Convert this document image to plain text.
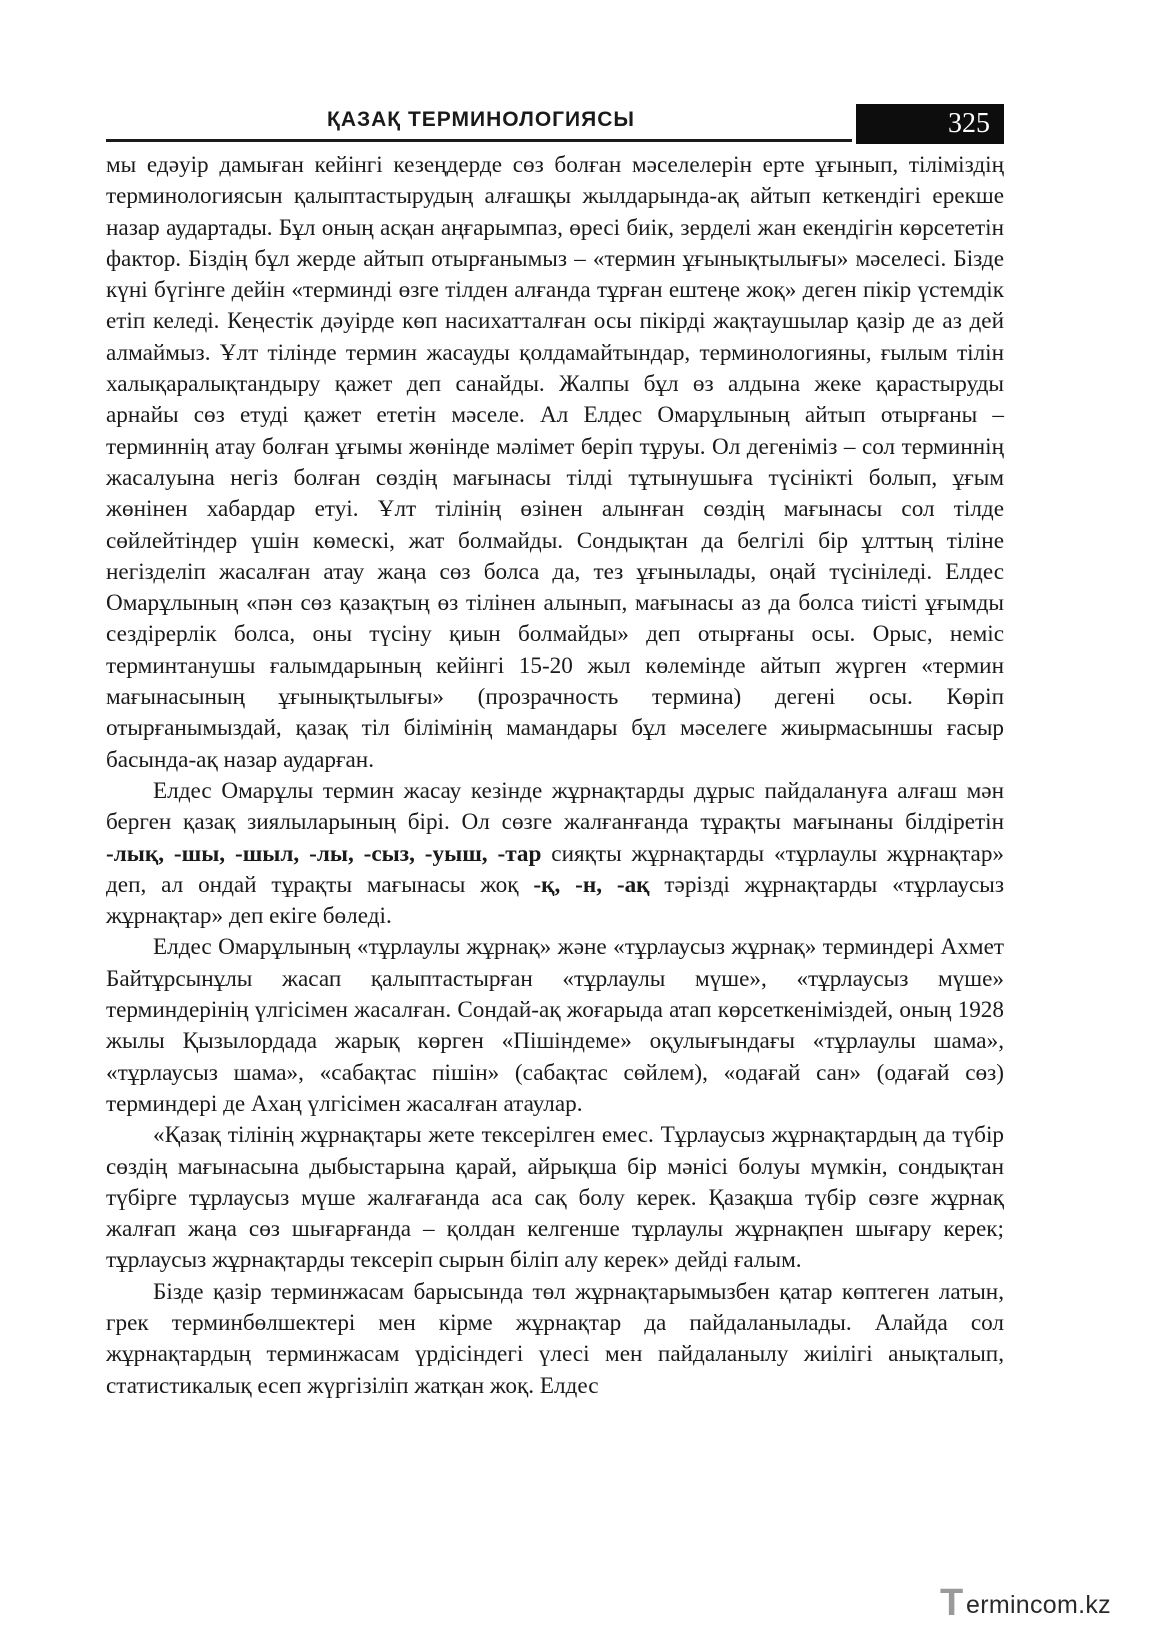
ҚАЗАҚ ТЕРМИНОЛОГИЯСЫ	325

мы едәуір дамыған кейінгі кезеңдерде сөз болған мәселелерін ерте ұғынып, тіліміздің терминологиясын қалыптастырудың алғашқы жылдарында-ақ айтып кеткендігі ерекше назар аудартады. Бұл оның асқан аңғарымпаз, өресі биік, зерделі жан екендігін көрсететін фактор. Біздің бұл жерде айтып отырғанымыз – «термин ұғынықтылығы» мәселесі. Бізде күні бүгінге дейін «терминді өзге тілден алғанда тұрған ештеңе жоқ» деген пікір үстемдік етіп келеді. Кеңестік дәуірде көп насихатталған осы пікірді жақтаушылар қазір де аз дей алмаймыз. Ұлт тілінде термин жасауды қолдамайтындар, терминологияны, ғылым тілін халықаралықтандыру қажет деп санайды. Жалпы бұл өз алдына жеке қарастыруды арнайы сөз етуді қажет ететін мәселе. Ал Елдес Омарұлының айтып отырғаны – терминнің атау болған ұғымы жөнінде мәлімет беріп тұруы. Ол дегеніміз – сол терминнің жасалуына негіз болған сөздің мағынасы тілді тұтынушыға түсінікті болып, ұғым жөнінен хабардар етуі. Ұлт тілінің өзінен алынған сөздің мағынасы сол тілде сөйлейтіндер үшін көмескі, жат болмайды. Сондықтан да белгілі бір ұлттың тіліне негізделіп жасалған атау жаңа сөз болса да, тез ұғынылады, оңай түсініледі. Елдес Омарұлының «пән сөз қазақтың өз тілінен алынып, мағынасы аз да болса тиісті ұғымды сездірерлік болса, оны түсіну қиын болмайды» деп отырғаны осы. Орыс, неміс терминтанушы ғалымдарының кейінгі 15-20 жыл көлемінде айтып жүрген «термин мағынасының ұғынықтылығы» (прозрачность термина) дегені осы. Көріп отырғанымыздай, қазақ тіл білімінің мамандары бұл мәселеге жиырмасыншы ғасыр басында-ақ назар аударған.

Елдес Омарұлы термин жасау кезінде жұрнақтарды дұрыс пайдалануға алғаш мән берген қазақ зиялыларының бірі. Ол сөзге жалғанғанда тұрақты мағынаны білдіретін -лық, -шы, -шыл, -лы, -сыз, -уыш, -тар сияқты жұрнақтарды «тұрлаулы жұрнақтар» деп, ал ондай тұрақты мағынасы жоқ -қ, -н, -ақ тәрізді жұрнақтарды «тұрлаусыз жұрнақтар» деп екігe бөледі.

Елдес Омарұлының «тұрлаулы жұрнақ» және «тұрлаусыз жұрнақ» терминдері Ахмет Байтұрсынұлы жасап қалыптастырған «тұрлаулы мүше», «тұрлаусыз мүше» терминдерінің үлгісімен жасалған. Сондай-ақ жоғарыда атап көрсеткеніміздей, оның 1928 жылы Қызылордада жарық көрген «Пішіндеме» оқулығындағы «тұрлаулы шама», «тұрлаусыз шама», «сабақтас пішін» (сабақтас сөйлем), «одағай сан» (одағай сөз) терминдері де Ахаң үлгісімен жасалған атаулар.

«Қазақ тілінің жұрнақтары жете тексерілген емес. Тұрлаусыз жұрнақтардың да түбір сөздің мағынасына дыбыстарына қарай, айрықша бір мәнісі болуы мүмкін, сондықтан түбірге тұрлаусыз мүше жалғағанда аса сақ болу керек. Қазақша түбір сөзге жұрнақ жалғап жаңа сөз шығарғанда – қолдан келгенше тұрлаулы жұрнақпен шығару керек; тұрлаусыз жұрнақтарды тексеріп сырын біліп алу керек» дейді ғалым.

Бізде қазір терминжасам барысында төл жұрнақтарымызбен қатар көптеген латын, грек терминбөлшектері мен кірме жұрнақтар да пайдаланылады. Алайда сол жұрнақтардың терминжасам үрдісіндегі үлесі мен пайдаланылу жиілігі анықталып, статистикалық есеп жүргізіліп жатқан жоқ. Елдес

T ermincom.kz
